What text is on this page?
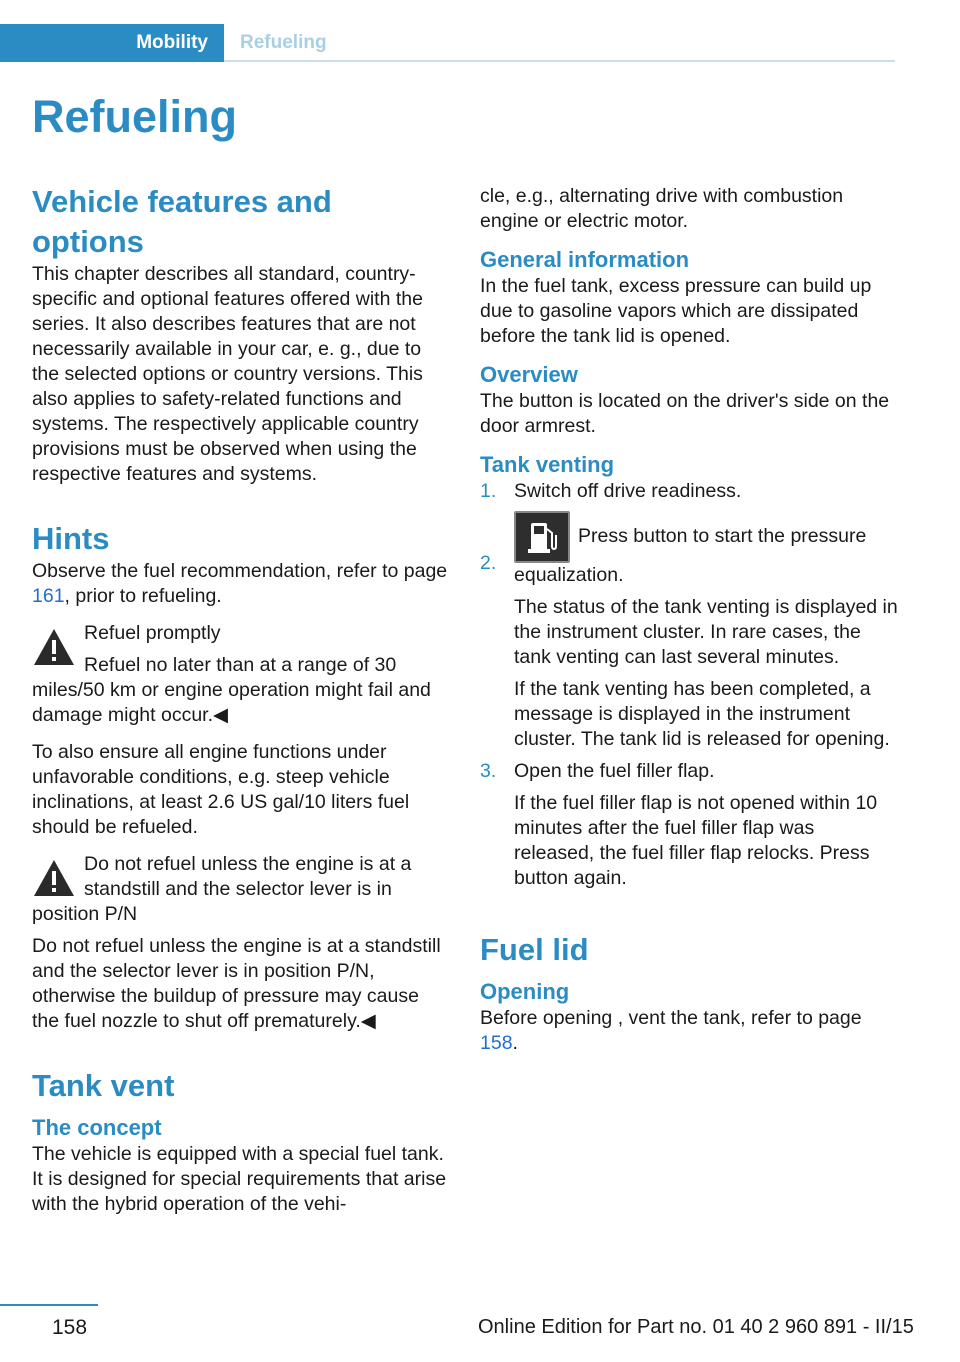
Mobility	Refueling
Refueling
Vehicle features and options

This chapter describes all standard, country-specific and optional features offered with the series. It also describes features that are not necessarily available in your car, e. g., due to the selected options or country versions. This also applies to safety-related functions and systems. The respectively applicable country provisions must be observed when using the respective features and systems.

Hints

Observe the fuel recommendation, refer to page 161, prior to refueling.

Refuel promptly

Refuel no later than at a range of 30 miles/50 km or engine operation might fail and damage might occur.◀

To also ensure all engine functions under unfavorable conditions, e.g. steep vehicle inclinations, at least 2.6 US gal/10 liters fuel should be refueled.

Do not refuel unless the engine is at a standstill and the selector lever is in position P/N

Do not refuel unless the engine is at a standstill and the selector lever is in position P/N, otherwise the buildup of pressure may cause the fuel nozzle to shut off prematurely.◀

Tank vent
The concept

The vehicle is equipped with a special fuel tank. It is designed for special requirements that arise with the hybrid operation of the vehi-

cle, e.g., alternating drive with combustion engine or electric motor.

General information

In the fuel tank, excess pressure can build up due to gasoline vapors which are dissipated before the tank lid is opened.

Overview

The button is located on the driver's side on the door armrest.

Tank venting
1. Switch off drive readiness.
2.
Press button to start the pressure equalization.

The status of the tank venting is displayed in the instrument cluster. In rare cases, the tank venting can last several minutes.

If the tank venting has been completed, a message is displayed in the instrument cluster. The tank lid is released for opening.

3. Open the fuel filler flap.

If the fuel filler flap is not opened within 10 minutes after the fuel filler flap was released, the fuel filler flap relocks. Press button again.

Fuel lid
Opening

Before opening , vent the tank, refer to page 158.

158	Online Edition for Part no. 01 40 2 960 891 - II/15
